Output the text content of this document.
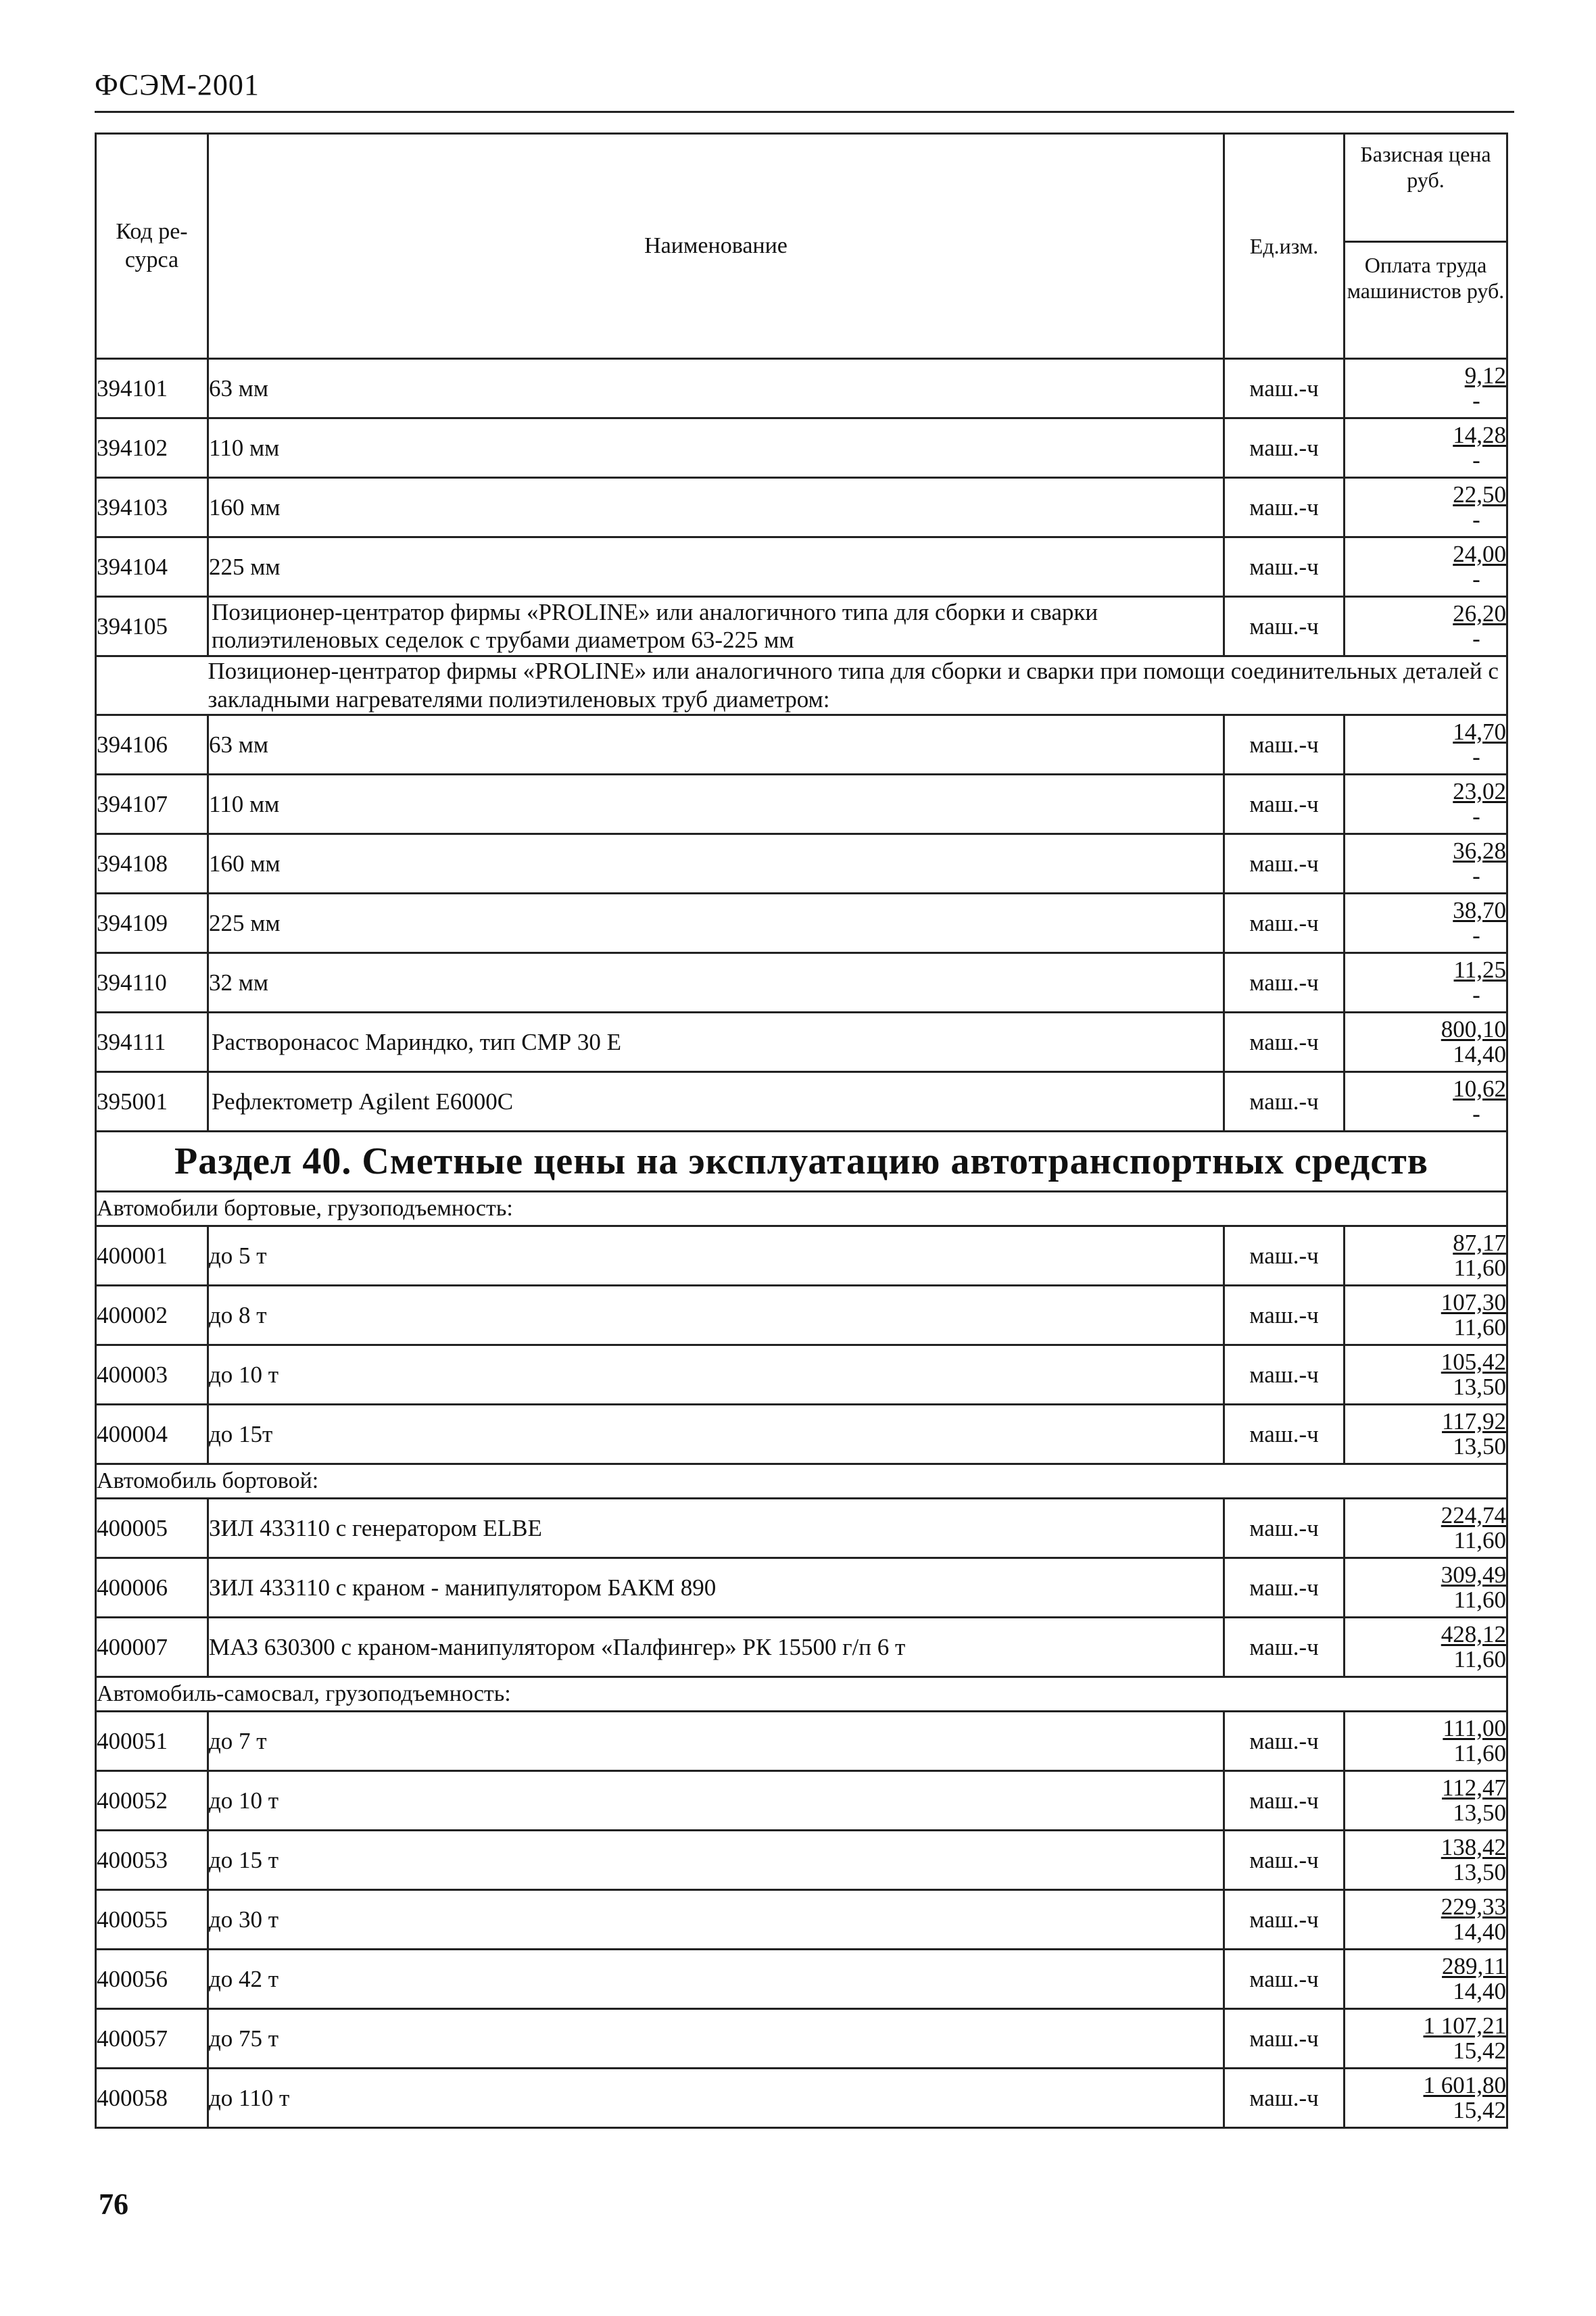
ФСЭМ-2001
Код ре-сурса	Наименование	Ед.изм.	Базисная цена руб.
Оплата труда машинистов руб.

394101	63 мм	маш.-ч	9,12
-

394102	110 мм	маш.-ч	14,28
-

394103	160 мм	маш.-ч	22,50
-

394104	225 мм	маш.-ч	24,00
-

394105	Позиционер-центратор фирмы «PROLINE» или аналогичного типа для сборки и сварки полиэтиленовых седелок с трубами диаметром 63-225 мм	маш.-ч	26,20
-

	Позиционер-центратор фирмы «PROLINE» или аналогичного типа для сборки и сварки при помощи соединительных деталей с закладными нагревателями полиэтиленовых труб диаметром:		
394106	63 мм	маш.-ч	14,70
-

394107	110 мм	маш.-ч	23,02
-

394108	160 мм	маш.-ч	36,28
-

394109	225 мм	маш.-ч	38,70
-

394110	32 мм	маш.-ч	11,25
-

394111	Растворонасос Мариндко, тип СМР 30 Е	маш.-ч	800,10
14,40

395001	Рефлектометр Agilent E6000C	маш.-ч	10,62
-

Раздел 40. Сметные цены на эксплуатацию автотранспортных средств			
Автомобили бортовые, грузоподъемность:			
400001	до 5 т	маш.-ч	87,17
11,60

400002	до 8 т	маш.-ч	107,30
11,60

400003	до 10 т	маш.-ч	105,42
13,50

400004	до 15т	маш.-ч	117,92
13,50

Автомобиль бортовой:			
400005	ЗИЛ 433110 с генератором ELBE	маш.-ч	224,74
11,60

400006	ЗИЛ 433110 с краном - манипулятором БАКМ 890	маш.-ч	309,49
11,60

400007	МАЗ 630300 с краном-манипулятором «Палфингер» РК 15500 г/п 6 т	маш.-ч	428,12
11,60

Автомобиль-самосвал, грузоподъемность:			
400051	до 7 т	маш.-ч	111,00
11,60

400052	до 10 т	маш.-ч	112,47
13,50

400053	до 15 т	маш.-ч	138,42
13,50

400055	до 30 т	маш.-ч	229,33
14,40

400056	до 42 т	маш.-ч	289,11
14,40

400057	до 75 т	маш.-ч	1 107,21
15,42

400058	до 110 т	маш.-ч	1 601,80
15,42
76
